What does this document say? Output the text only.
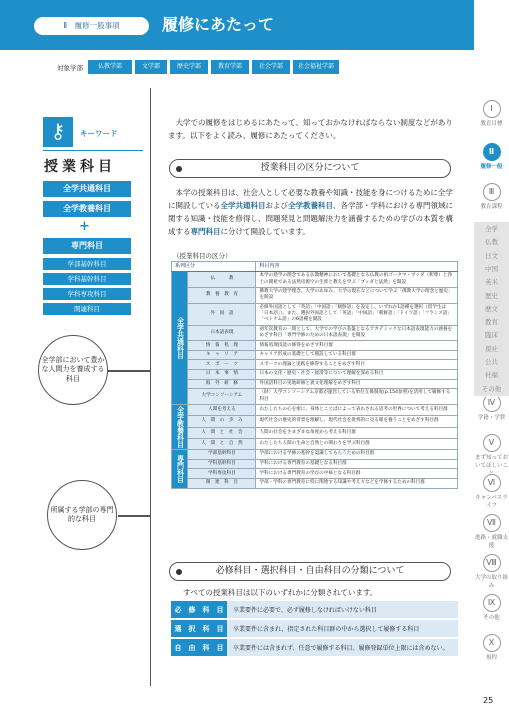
Ⅱ　履修一般事項	履修にあたって
対象学部	仏教学部	文学部	歴史学部	教育学部	社会学部	社会福祉学部
⚷	キーワード
授業科目
全学共通科目
全学教養科目
+
専門科目
学部基幹科目
学科基幹科目
学科専攻科目
関連科目
全学部において豊かな人間力を養成する科目
所属する学部の専門的な科目
大学での履修をはじめるにあたって、知っておかなければならない制度などがあります。以下をよく読み、履修にあたってください。
授業科目の区分について
本学の授業科目は、社会人として必要な教養や知識・技能を身につけるために全学に開設している全学共通科目および全学教養科目、各学部・学科における専門領域に関する知識・技能を修得し、問題発見と問題解決力を涵養するための学びの本質を構成する専門科目に分けて開設しています。
（授業科目の区分）
系列区分		科目内容
全学共通科目	仏　　　教	本学の建学の理念である仏教精神において基礎となる仏教の祖ゴータマ・ブッダ（釈尊）と浄土の開祖である法然房源空の生涯と教えを学ぶ「ブッダと法然」を開設
	教　養　教　育	佛教大学の建学理念、大学のあゆみ、大学の現在などについて学ぶ「佛教大学の理念と歴史」を開設
	外　国　語	必修外国語として「英語」「中国語」「朝鮮語」を設定し、いずれか1語種を選択（留学生は「日本語」）。また、選択外国語として「英語」「中国語」「朝鮮語」「ドイツ語」「フランス語」「ベトナム語」の6語種を開設
	日本語表現	初年次教育の一環として、大学での学びの基盤となるアカデミックな日本語表現能力の涵養をめざす科目「専門学修のための日本語表現」を開設
	情　報　処　理	情報処理技能の修得をめざす科目群
	キ　ャ　リ　ア	キャリア形成の基礎として開設している科目群
	ス　ポ　ー　ツ	スポーツの理論と実践を修得することをめざす科目
	日　本　事　情	日本の文化・歴史・社会・経済等について理解を深める科目
	海　外　研　修	外国語科目の実地研修と異文化理解をめざす科目
	大学コンソーシアム	（財）大学コンソーシアム京都が運営している単位互換制度(p.154参照)を活用して履修する科目
全学教養科目	人間を考える	わたしたちの心を密に、身体とことばによって表わされる思考の世界について考える科目群
	人　間　の　歩　み	現代社会の歴史的背景を理解し、現代社会を批判的に見る眼を養うことをめざす科目群
	人　間　と　社　会	人間の社会をさまざまな角度から考える科目群
	人　間　と　自　然	わたしたち人間の生命と自然との関わりを学ぶ科目群
専門科目	学部基幹科目	学部における学修の基幹を認識してもらうための科目群
	学科基幹科目	学科における専門教育の基礎となる科目群
	学科専攻科目	学科における専門教育の学びの中核となる科目群
	関　連　科　目	学部・学科の専門教育に特に関連する知識や考え方などを学修するための科目群
必修科目・選択科目・自由科目の分類について
すべての授業科目は以下のいずれかに分類されています。
必　修　科　目	卒業要件に必要で、必ず履修しなければいけない科目
選　択　科　目	卒業要件に含まれ、指定された科目群の中から選択して履修する科目
自　由　科　目	卒業要件には含まれず、任意で履修する科目。履修登録単位上限には含めない。
Ⅰ
教育目標
Ⅱ
履修一般
Ⅲ
教育課程
Ⅳ
学籍・学費
Ⅴ
まず知っておいてほしいこ
Ⅵ
キャンパスライフ
Ⅶ
進路・就職支援
Ⅷ
大学の取り組み
Ⅸ
その他
Ⅹ
規程
全学
仏教
日文
中国
英米
歴史
歴文
教育
臨床
現社
公共
社福
その他
25
